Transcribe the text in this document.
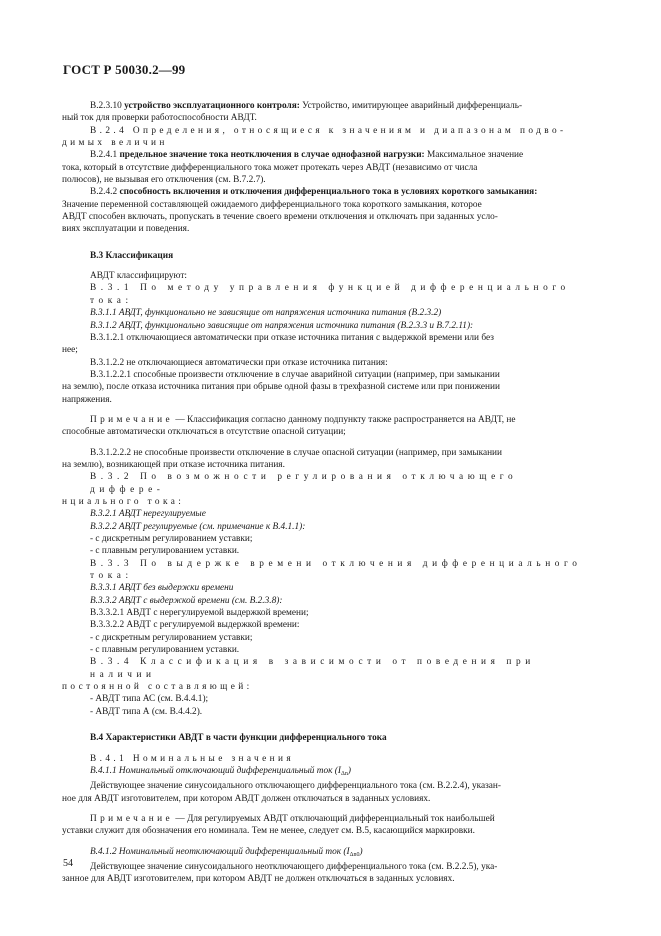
ГОСТ Р 50030.2—99

В.2.3.10 устройство эксплуатационного контроля: Устройство, имитирующее аварийный дифференциаль-

ный ток для проверки работоспособности АВДТ.

В.2.4 Определения, относящиеся к значениям и диапазонам подво-

димых величин

В.2.4.1 предельное значение тока неотключения в случае однофазной нагрузки: Максимальное значение

тока, который в отсутствие дифференциального тока может протекать через АВДТ (независимо от числа

полюсов), не вызывая его отключения (см. В.7.2.7).

В.2.4.2 способность включения и отключения дифференциального тока в условиях короткого замыкания:

Значение переменной составляющей ожидаемого дифференциального тока короткого замыкания, которое

АВДТ способен включать, пропускать в течение своего времени отключения и отключать при заданных усло-

виях эксплуатации и поведения.

В.3 Классификация

АВДТ классифицируют:

В.3.1 По методу управления функцией дифференциального тока:

В.3.1.1 АВДТ, функционально не зависящие от напряжения источника питания (В.2.3.2)

В.3.1.2 АВДТ, функционально зависящие от напряжения источника питания (В.2.3.3 и В.7.2.11):

В.3.1.2.1 отключающиеся автоматически при отказе источника питания с выдержкой времени или без

нее;

В.3.1.2.2 не отключающиеся автоматически при отказе источника питания:

В.3.1.2.2.1 способные произвести отключение в случае аварийной ситуации (например, при замыкании

на землю), после отказа источника питания при обрыве одной фазы в трехфазной системе или при понижении

напряжения.

Примечание — Классификация согласно данному подпункту также распространяется на АВДТ, не

способные автоматически отключаться в отсутствие опасной ситуации;

В.3.1.2.2.2 не способные произвести отключение в случае опасной ситуации (например, при замыкании

на землю), возникающей при отказе источника питания.

В.3.2 По возможности регулирования отключающего диффере-

нциального тока:

В.3.2.1 АВДТ нерегулируемые

В.3.2.2 АВДТ регулируемые (см. примечание к В.4.1.1):

- с дискретным регулированием уставки;

- с плавным регулированием уставки.

В.3.3 По выдержке времени отключения дифференциального тока:

В.3.3.1 АВДТ без выдержки времени

В.3.3.2 АВДТ с выдержкой времени (см. В.2.3.8):

В.3.3.2.1 АВДТ с нерегулируемой выдержкой времени;

В.3.3.2.2 АВДТ с регулируемой выдержкой времени:

- с дискретным регулированием уставки;

- с плавным регулированием уставки.

В.3.4 Классификация в зависимости от поведения при наличии

постоянной составляющей:

- АВДТ типа АС (см. В.4.4.1);

- АВДТ типа А (см. В.4.4.2).

В.4 Характеристики АВДТ в части функции дифференциального тока

В.4.1 Номинальные значения

В.4.1.1 Номинальный отключающий дифференциальный ток $(I_{\Delta n})$

Действующее значение синусоидального отключающего дифференциального тока (см. В.2.2.4), указан-

ное для АВДТ изготовителем, при котором АВДТ должен отключаться в заданных условиях.

Примечание — Для регулируемых АВДТ отключающий дифференциальный ток наибольшей

уставки служит для обозначения его номинала. Тем не менее, следует см. В.5, касающийся маркировки.

В.4.1.2 Номинальный неотключающий дифференциальный ток $(I_{\Delta n0})$

Действующее значение синусоидального неотключающего дифференциального тока (см. В.2.2.5), ука-

занное для АВДТ изготовителем, при котором АВДТ не должен отключаться в заданных условиях.

54
